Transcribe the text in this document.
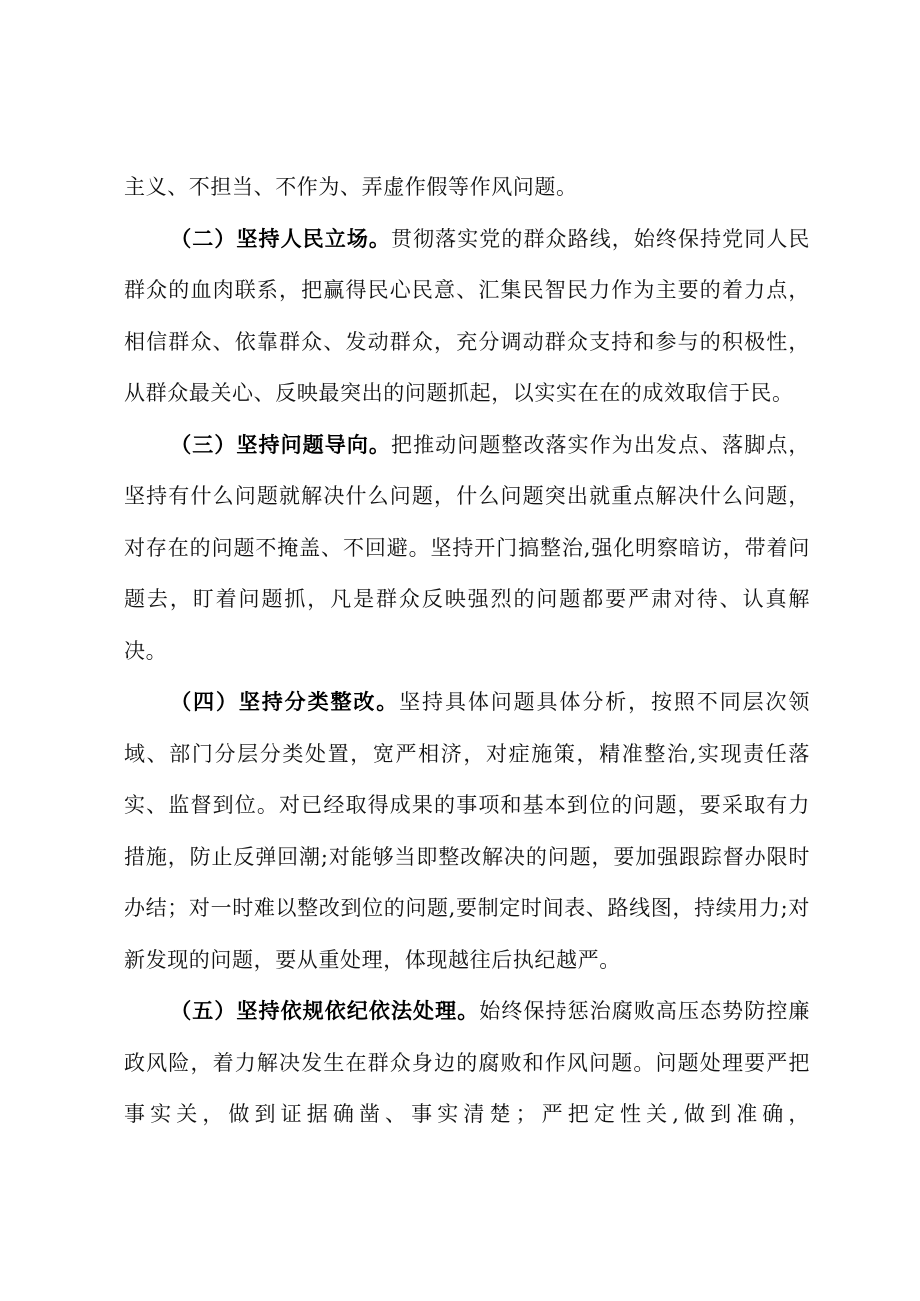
主义、不担当、不作为、弄虚作假等作风问题。

（二）坚持人民立场。贯彻落实党的群众路线，始终保持党同人民群众的血肉联系，把赢得民心民意、汇集民智民力作为主要的着力点，相信群众、依靠群众、发动群众，充分调动群众支持和参与的积极性，从群众最关心、反映最突出的问题抓起，以实实在在的成效取信于民。

（三）坚持问题导向。把推动问题整改落实作为出发点、落脚点，坚持有什么问题就解决什么问题，什么问题突出就重点解决什么问题，对存在的问题不掩盖、不回避。坚持开门搞整治,强化明察暗访，带着问题去，盯着问题抓，凡是群众反映强烈的问题都要严肃对待、认真解决。

（四）坚持分类整改。坚持具体问题具体分析，按照不同层次领域、部门分层分类处置，宽严相济，对症施策，精准整治,实现责任落实、监督到位。对已经取得成果的事项和基本到位的问题，要采取有力措施，防止反弹回潮;对能够当即整改解决的问题，要加强跟踪督办限时办结；对一时难以整改到位的问题,要制定时间表、路线图，持续用力;对新发现的问题，要从重处理，体现越往后执纪越严。

（五）坚持依规依纪依法处理。始终保持惩治腐败高压态势防控廉政风险，着力解决发生在群众身边的腐败和作风问题。问题处理要严把事实关，做到证据确凿、事实清楚；严把定性关,做到准确，
